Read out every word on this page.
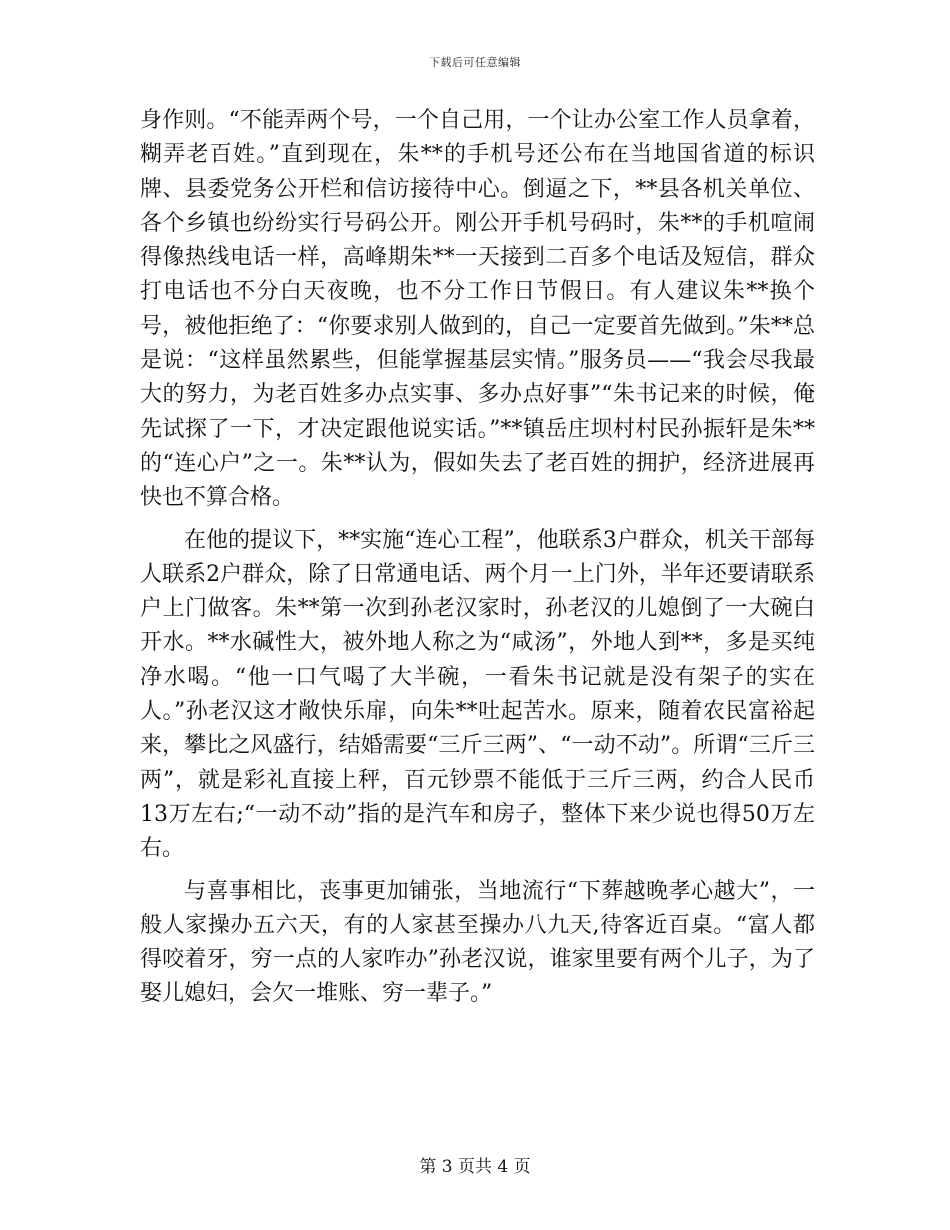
下载后可任意编辑

身作则。“不能弄两个号，一个自己用，一个让办公室工作人员拿着，糊弄老百姓。”直到现在，朱**的手机号还公布在当地国省道的标识牌、县委党务公开栏和信访接待中心。倒逼之下，**县各机关单位、各个乡镇也纷纷实行号码公开。刚公开手机号码时，朱**的手机喧闹得像热线电话一样，高峰期朱**一天接到二百多个电话及短信，群众打电话也不分白天夜晚，也不分工作日节假日。有人建议朱**换个号，被他拒绝了：“你要求别人做到的，自己一定要首先做到。”朱**总是说：“这样虽然累些，但能掌握基层实情。”服务员——“我会尽我最大的努力，为老百姓多办点实事、多办点好事”“朱书记来的时候，俺先试探了一下，才决定跟他说实话。”**镇岳庄坝村村民孙振轩是朱**的“连心户”之一。朱**认为，假如失去了老百姓的拥护，经济进展再快也不算合格。

在他的提议下，**实施“连心工程”，他联系3户群众，机关干部每人联系2户群众，除了日常通电话、两个月一上门外，半年还要请联系户上门做客。朱**第一次到孙老汉家时，孙老汉的儿媳倒了一大碗白开水。**水碱性大，被外地人称之为“咸汤”，外地人到**，多是买纯净水喝。“他一口气喝了大半碗，一看朱书记就是没有架子的实在人。”孙老汉这才敞快乐扉，向朱**吐起苦水。原来，随着农民富裕起来，攀比之风盛行，结婚需要“三斤三两”、“一动不动”。所谓“三斤三两”，就是彩礼直接上秤，百元钞票不能低于三斤三两，约合人民币13万左右;“一动不动”指的是汽车和房子，整体下来少说也得50万左右。

与喜事相比，丧事更加铺张，当地流行“下葬越晚孝心越大”，一般人家操办五六天，有的人家甚至操办八九天,待客近百桌。“富人都得咬着牙，穷一点的人家咋办”孙老汉说，谁家里要有两个儿子，为了娶儿媳妇，会欠一堆账、穷一辈子。”

第 3 页共 4 页
